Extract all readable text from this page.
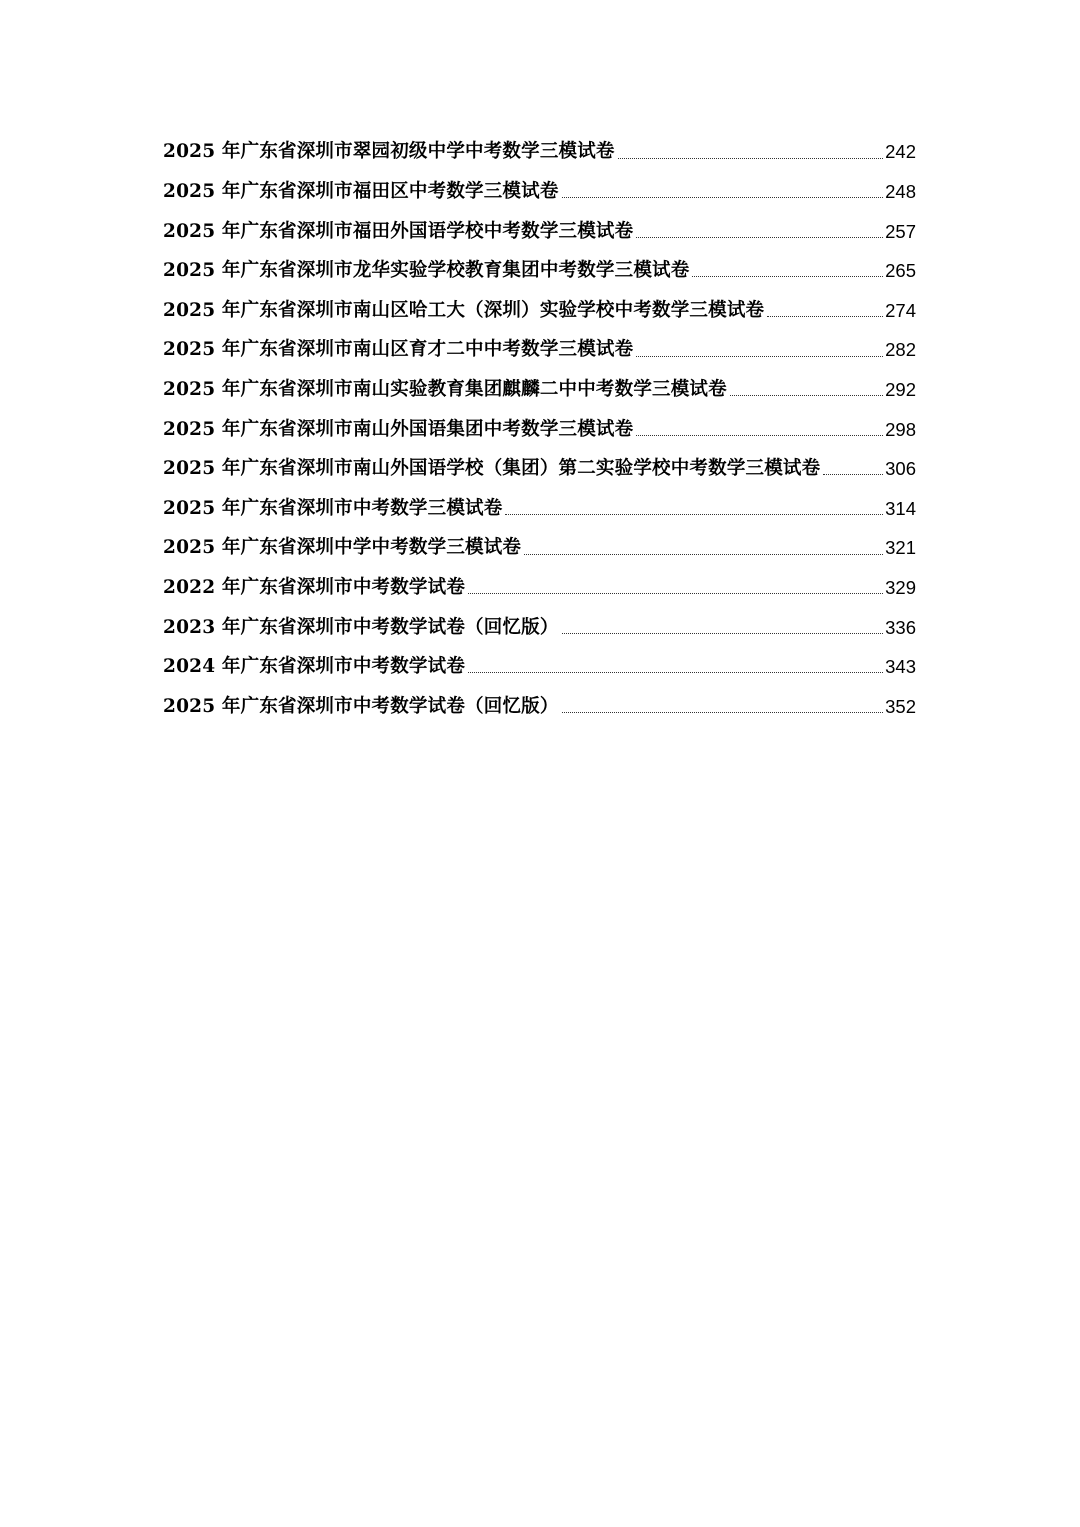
2025 年广东省深圳市翠园初级中学中考数学三模试卷	242
2025 年广东省深圳市福田区中考数学三模试卷	248
2025 年广东省深圳市福田外国语学校中考数学三模试卷	257
2025 年广东省深圳市龙华实验学校教育集团中考数学三模试卷	265
2025 年广东省深圳市南山区哈工大（深圳）实验学校中考数学三模试卷	274
2025 年广东省深圳市南山区育才二中中考数学三模试卷	282
2025 年广东省深圳市南山实验教育集团麒麟二中中考数学三模试卷	292
2025 年广东省深圳市南山外国语集团中考数学三模试卷	298
2025 年广东省深圳市南山外国语学校（集团）第二实验学校中考数学三模试卷	306
2025 年广东省深圳市中考数学三模试卷	314
2025 年广东省深圳中学中考数学三模试卷	321
2022 年广东省深圳市中考数学试卷	329
2023 年广东省深圳市中考数学试卷（回忆版）	336
2024 年广东省深圳市中考数学试卷	343
2025 年广东省深圳市中考数学试卷（回忆版）	352
